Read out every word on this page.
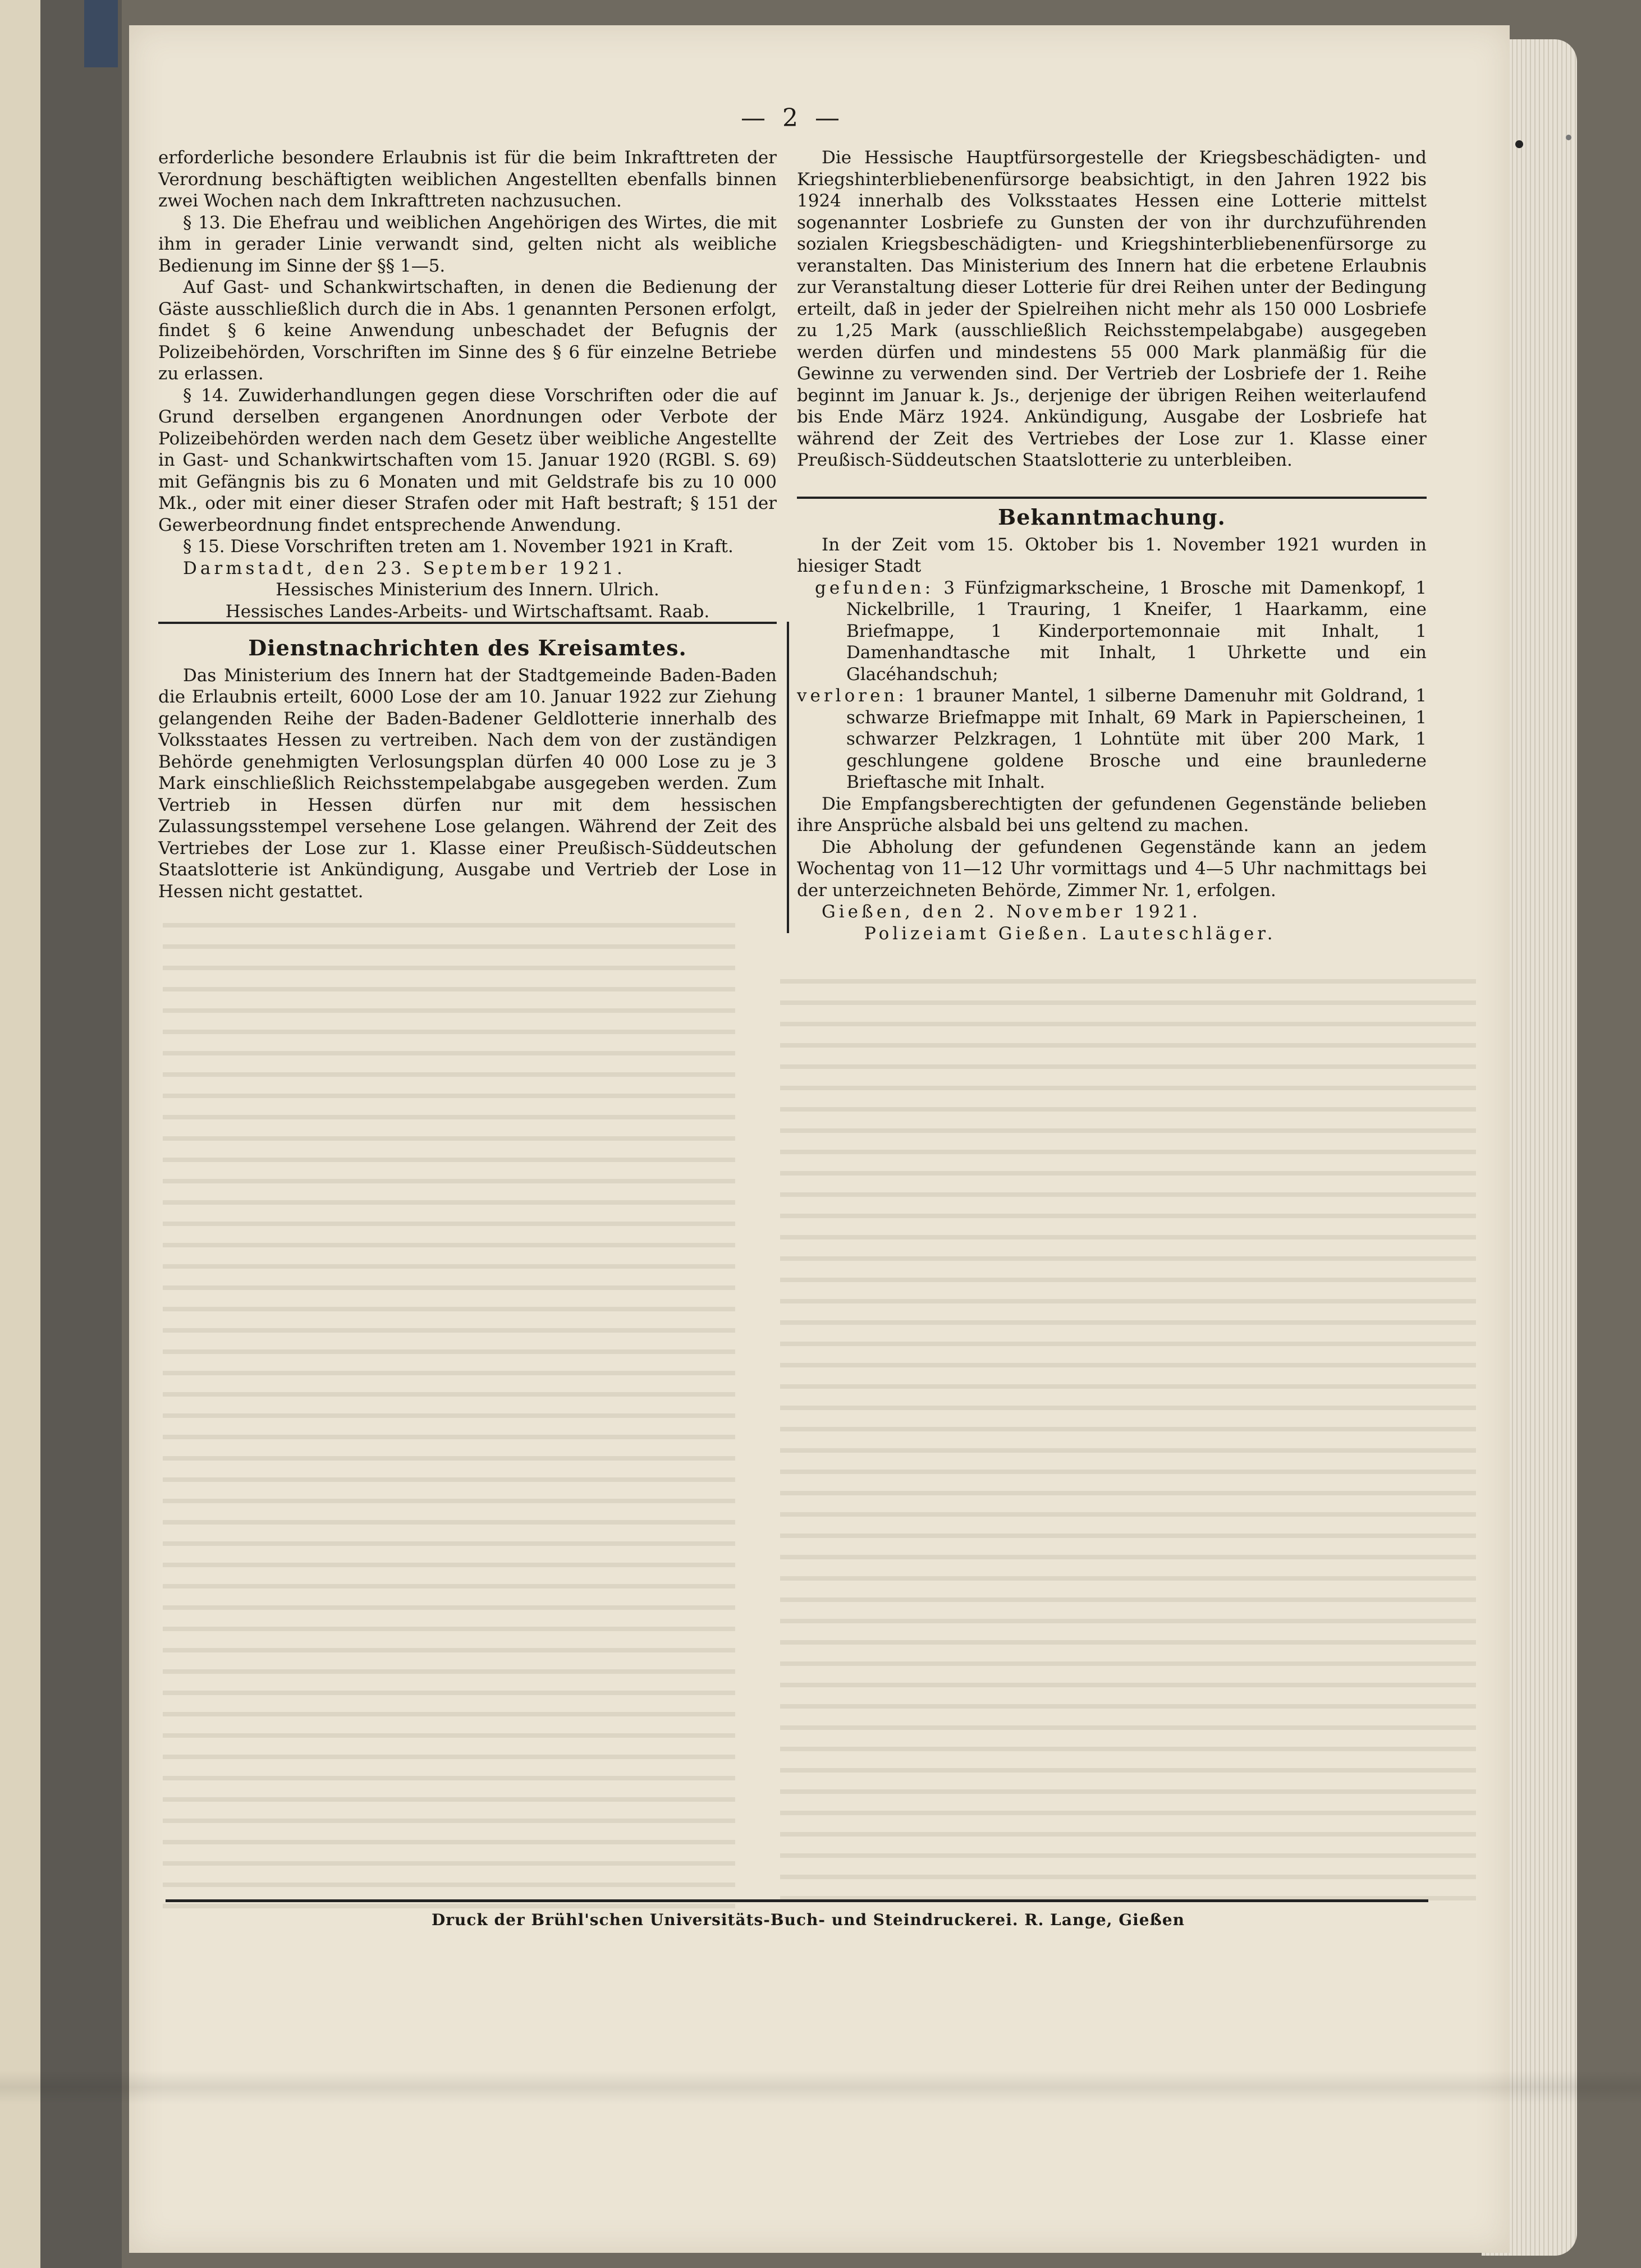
— 2 —

erforderliche besondere Erlaubnis ist für die beim Inkrafttreten der Verordnung beschäftigten weiblichen Angestellten ebenfalls binnen zwei Wochen nach dem Inkrafttreten nachzusuchen.

§ 13. Die Ehefrau und weiblichen Angehörigen des Wirtes, die mit ihm in gerader Linie verwandt sind, gelten nicht als weibliche Bedienung im Sinne der §§ 1—5.

Auf Gast- und Schankwirtschaften, in denen die Bedienung der Gäste ausschließlich durch die in Abs. 1 genannten Personen erfolgt, findet § 6 keine Anwendung unbeschadet der Befugnis der Polizeibehörden, Vorschriften im Sinne des § 6 für einzelne Betriebe zu erlassen.

§ 14. Zuwiderhandlungen gegen diese Vorschriften oder die auf Grund derselben ergangenen Anordnungen oder Verbote der Polizeibehörden werden nach dem Gesetz über weibliche Angestellte in Gast- und Schankwirtschaften vom 15. Januar 1920 (RGBl. S. 69) mit Gefängnis bis zu 6 Monaten und mit Geldstrafe bis zu 10 000 Mk., oder mit einer dieser Strafen oder mit Haft bestraft; § 151 der Gewerbeordnung findet entsprechende Anwendung.

§ 15. Diese Vorschriften treten am 1. November 1921 in Kraft.

Darmstadt, den 23. September 1921.

Hessisches Ministerium des Innern. Ulrich.

Hessisches Landes-Arbeits- und Wirtschaftsamt. Raab.

Dienstnachrichten des Kreisamtes.

Das Ministerium des Innern hat der Stadtgemeinde Baden-Baden die Erlaubnis erteilt, 6000 Lose der am 10. Januar 1922 zur Ziehung gelangenden Reihe der Baden-Badener Geldlotterie innerhalb des Volksstaates Hessen zu vertreiben. Nach dem von der zuständigen Behörde genehmigten Verlosungsplan dürfen 40 000 Lose zu je 3 Mark einschließlich Reichsstempelabgabe ausgegeben werden. Zum Vertrieb in Hessen dürfen nur mit dem hessischen Zulassungsstempel versehene Lose gelangen. Während der Zeit des Vertriebes der Lose zur 1. Klasse einer Preußisch-Süddeutschen Staatslotterie ist Ankündigung, Ausgabe und Vertrieb der Lose in Hessen nicht gestattet.

Die Hessische Hauptfürsorgestelle der Kriegsbeschädigten- und Kriegshinterbliebenenfürsorge beabsichtigt, in den Jahren 1922 bis 1924 innerhalb des Volksstaates Hessen eine Lotterie mittelst sogenannter Losbriefe zu Gunsten der von ihr durchzuführenden sozialen Kriegsbeschädigten- und Kriegshinterbliebenenfürsorge zu veranstalten. Das Ministerium des Innern hat die erbetene Erlaubnis zur Veranstaltung dieser Lotterie für drei Reihen unter der Bedingung erteilt, daß in jeder der Spielreihen nicht mehr als 150 000 Losbriefe zu 1,25 Mark (ausschließlich Reichsstempelabgabe) ausgegeben werden dürfen und mindestens 55 000 Mark planmäßig für die Gewinne zu verwenden sind. Der Vertrieb der Losbriefe der 1. Reihe beginnt im Januar k. Js., derjenige der übrigen Reihen weiterlaufend bis Ende März 1924. Ankündigung, Ausgabe der Losbriefe hat während der Zeit des Vertriebes der Lose zur 1. Klasse einer Preußisch-Süddeutschen Staatslotterie zu unterbleiben.

Bekanntmachung.

In der Zeit vom 15. Oktober bis 1. November 1921 wurden in hiesiger Stadt

gefunden: 3 Fünfzigmarkscheine, 1 Brosche mit Damenkopf, 1 Nickelbrille, 1 Trauring, 1 Kneifer, 1 Haarkamm, eine Briefmappe, 1 Kinderportemonnaie mit Inhalt, 1 Damenhandtasche mit Inhalt, 1 Uhrkette und ein Glacéhandschuh;

verloren: 1 brauner Mantel, 1 silberne Damenuhr mit Goldrand, 1 schwarze Briefmappe mit Inhalt, 69 Mark in Papierscheinen, 1 schwarzer Pelzkragen, 1 Lohntüte mit über 200 Mark, 1 geschlungene goldene Brosche und eine braunlederne Brieftasche mit Inhalt.

Die Empfangsberechtigten der gefundenen Gegenstände belieben ihre Ansprüche alsbald bei uns geltend zu machen.

Die Abholung der gefundenen Gegenstände kann an jedem Wochentag von 11—12 Uhr vormittags und 4—5 Uhr nachmittags bei der unterzeichneten Behörde, Zimmer Nr. 1, erfolgen.

Gießen, den 2. November 1921.

Polizeiamt Gießen. Lauteschläger.

Druck der Brühl'schen Universitäts-Buch- und Steindruckerei. R. Lange, Gießen
